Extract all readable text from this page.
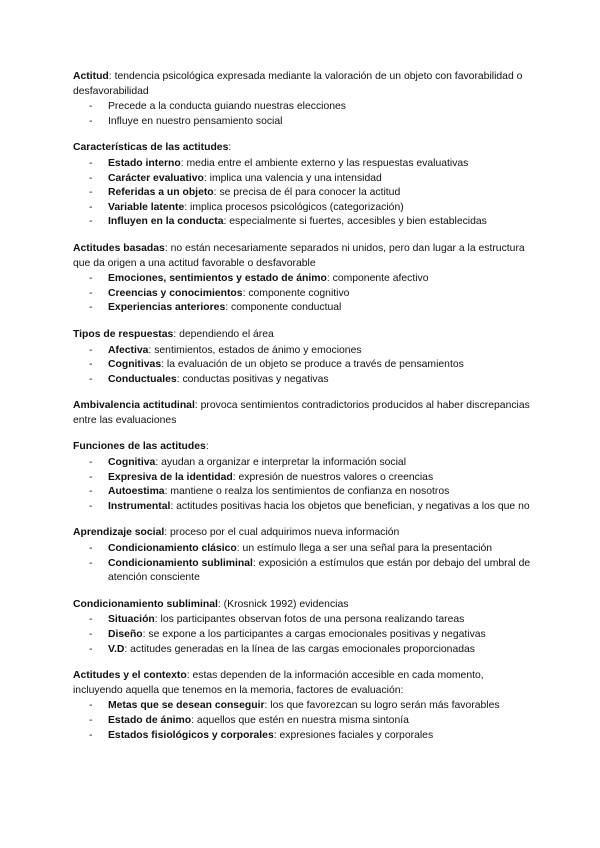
Actitud: tendencia psicológica expresada mediante la valoración de un objeto con favorabilidad o desfavorabilidad

- Precede a la conducta guiando nuestras elecciones
- Influye en nuestro pensamiento social

Características de las actitudes:

- Estado interno: media entre el ambiente externo y las respuestas evaluativas
- Carácter evaluativo: implica una valencia y una intensidad
- Referidas a un objeto: se precisa de él para conocer la actitud
- Variable latente: implica procesos psicológicos (categorización)
- Influyen en la conducta: especialmente si fuertes, accesibles y bien establecidas

Actitudes basadas: no están necesariamente separados ni unidos, pero dan lugar a la estructura que da origen a una actitud favorable o desfavorable

- Emociones, sentimientos y estado de ánimo: componente afectivo
- Creencias y conocimientos: componente cognitivo
- Experiencias anteriores: componente conductual

Tipos de respuestas: dependiendo el área

- Afectiva: sentimientos, estados de ánimo y emociones
- Cognitivas: la evaluación de un objeto se produce a través de pensamientos
- Conductuales: conductas positivas y negativas

Ambivalencia actitudinal: provoca sentimientos contradictorios producidos al haber discrepancias entre las evaluaciones

Funciones de las actitudes:

- Cognitiva: ayudan a organizar e interpretar la información social
- Expresiva de la identidad: expresión de nuestros valores o creencias
- Autoestima: mantiene o realza los sentimientos de confianza en nosotros
- Instrumental: actitudes positivas hacia los objetos que benefician, y negativas a los que no

Aprendizaje social: proceso por el cual adquirimos nueva información

- Condicionamiento clásico: un estímulo llega a ser una señal para la presentación
- Condicionamiento subliminal: exposición a estímulos que están por debajo del umbral de atención consciente

Condicionamiento subliminal: (Krosnick 1992) evidencias

- Situación: los participantes observan fotos de una persona realizando tareas
- Diseño: se expone a los participantes a cargas emocionales positivas y negativas
- V.D: actitudes generadas en la línea de las cargas emocionales proporcionadas

Actitudes y el contexto: estas dependen de la información accesible en cada momento, incluyendo aquella que tenemos en la memoria, factores de evaluación:

- Metas que se desean conseguir: los que favorezcan su logro serán más favorables
- Estado de ánimo: aquellos que estén en nuestra misma sintonía
- Estados fisiológicos y corporales: expresiones faciales y corporales
